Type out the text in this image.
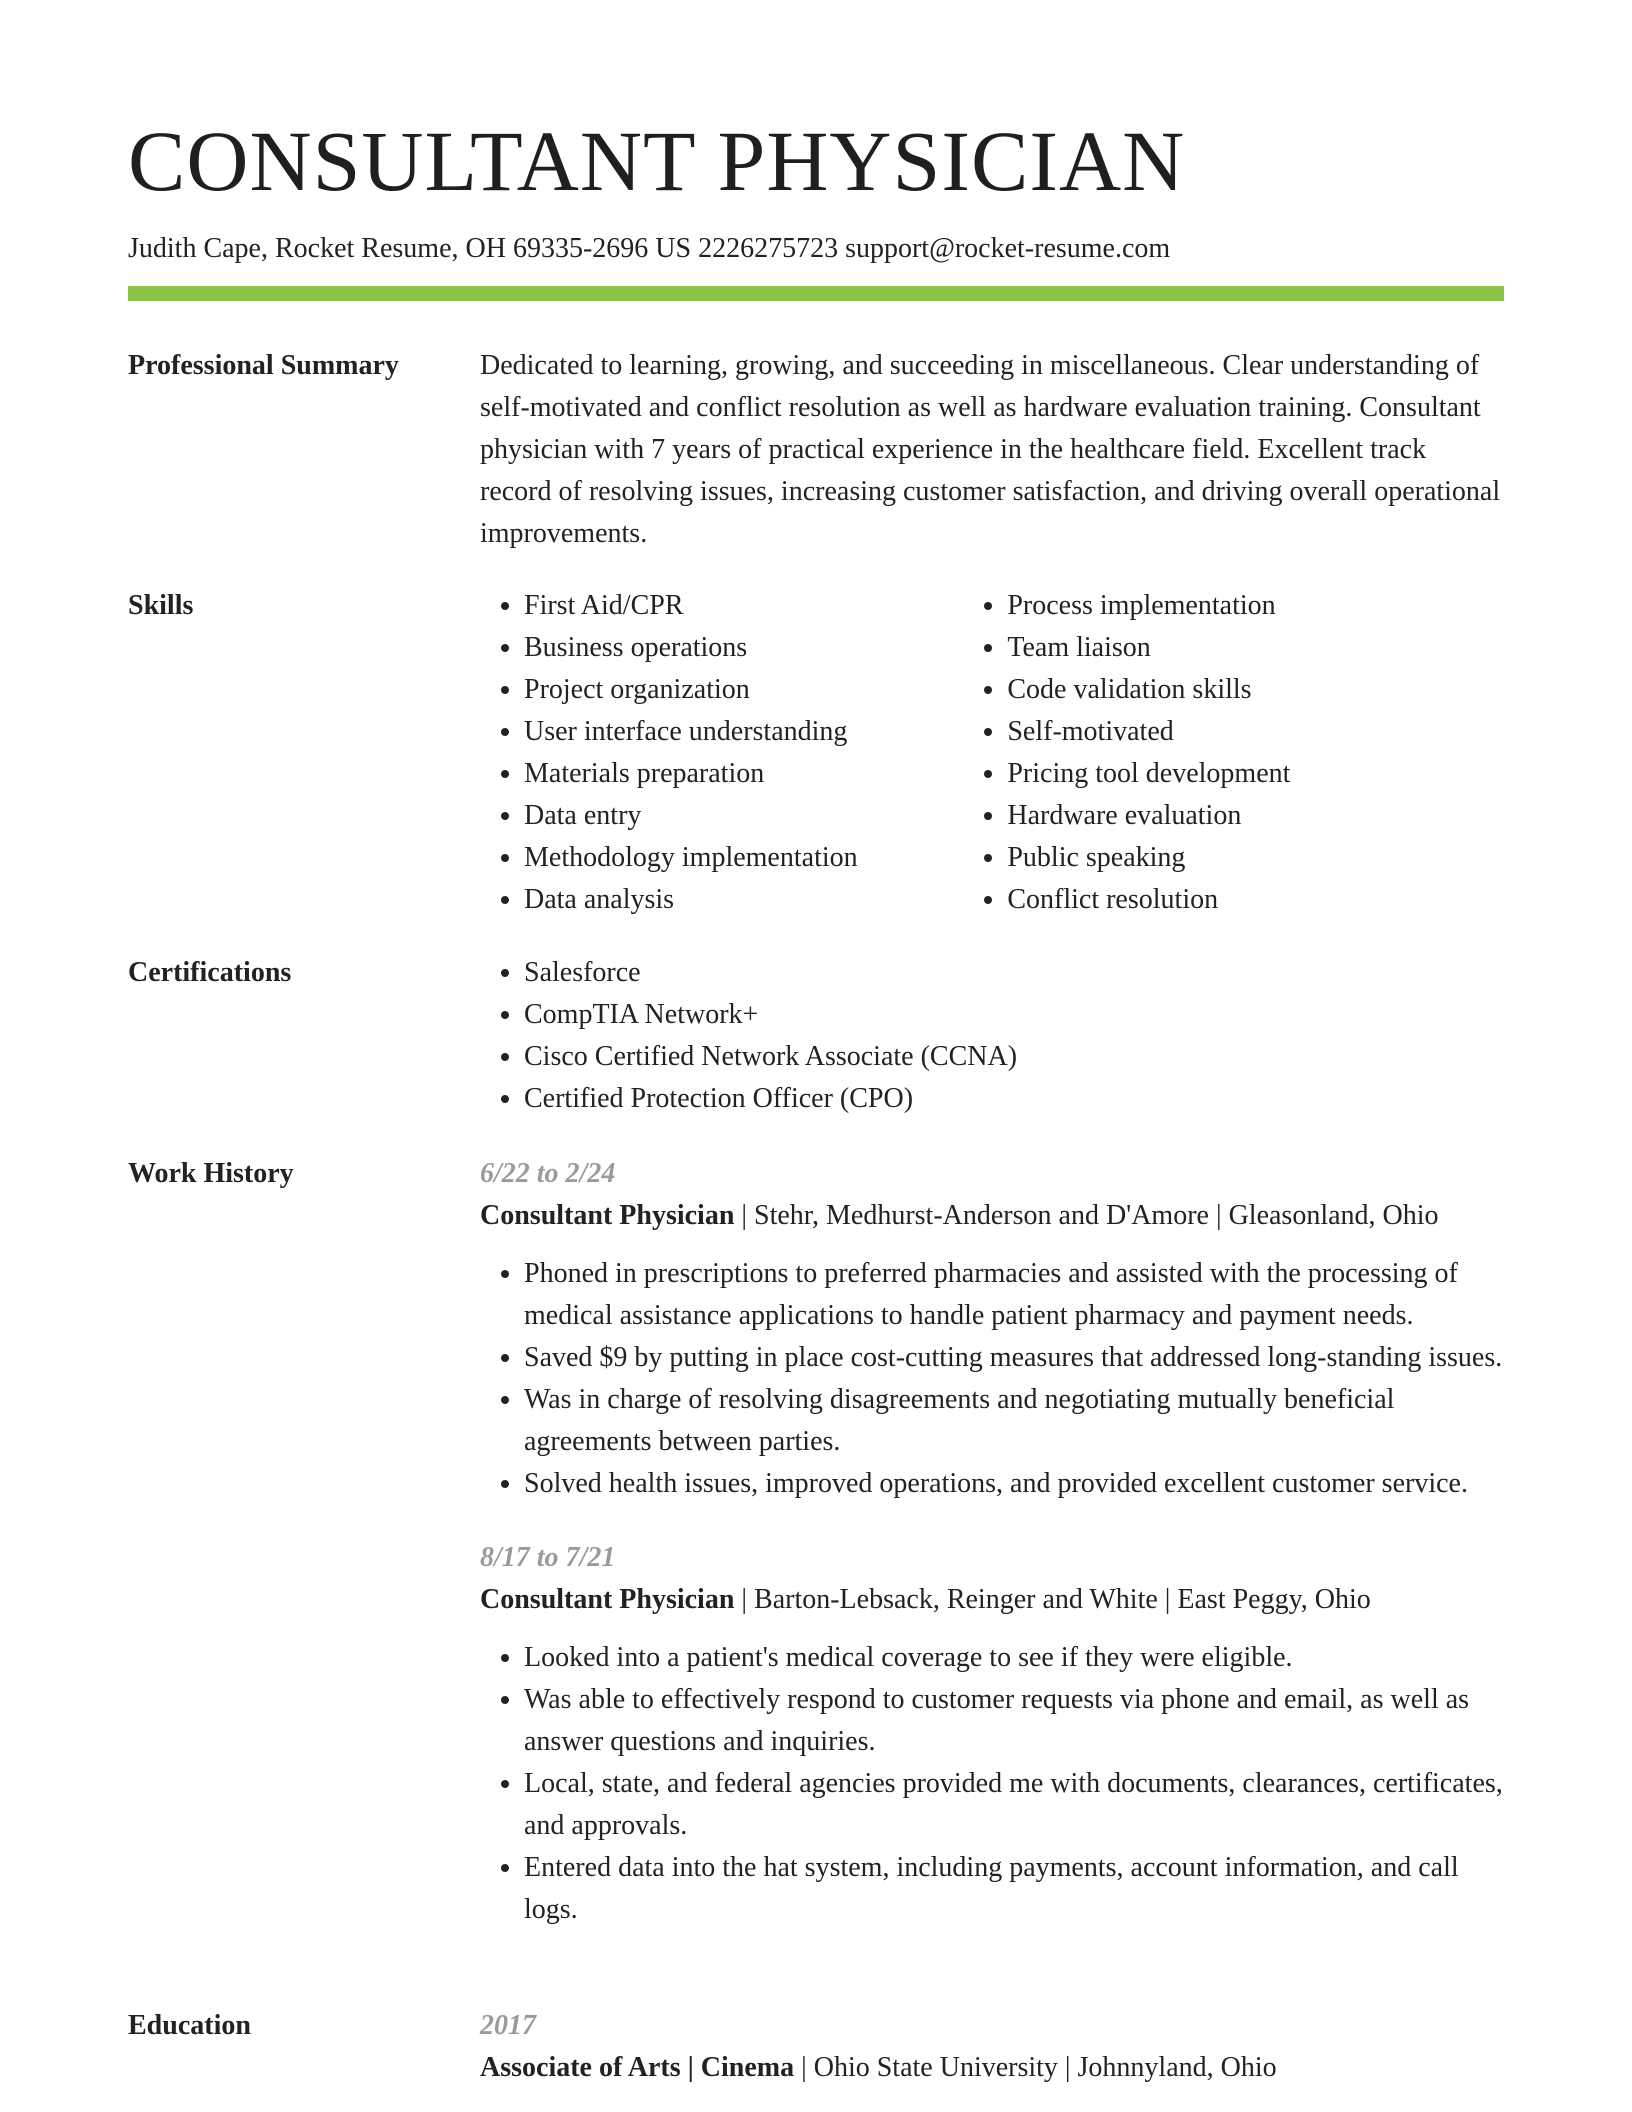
CONSULTANT PHYSICIAN
Judith Cape, Rocket Resume, OH 69335-2696 US 2226275723 support@rocket-resume.com
Professional Summary	Dedicated to learning, growing, and succeeding in miscellaneous. Clear understanding of self-motivated and conflict resolution as well as hardware evaluation training. Consultant physician with 7 years of practical experience in the healthcare field. Excellent track record of resolving issues, increasing customer satisfaction, and driving overall operational improvements.

Skills	• First Aid/CPR
• Business operations
• Project organization
• User interface understanding
• Materials preparation
• Data entry
• Methodology implementation
• Data analysis
• Process implementation
• Team liaison
• Code validation skills
• Self-motivated
• Pricing tool development
• Hardware evaluation
• Public speaking
• Conflict resolution
Certifications	• Salesforce
• CompTIA Network+
• Cisco Certified Network Associate (CCNA)
• Certified Protection Officer (CPO)
Work History	6/22 to 2/24
Consultant Physician | Stehr, Medhurst-Anderson and D'Amore | Gleasonland, Ohio
• Phoned in prescriptions to preferred pharmacies and assisted with the processing of medical assistance applications to handle patient pharmacy and payment needs.
• Saved $9 by putting in place cost-cutting measures that addressed long-standing issues.
• Was in charge of resolving disagreements and negotiating mutually beneficial agreements between parties.
• Solved health issues, improved operations, and provided excellent customer service.
8/17 to 7/21
Consultant Physician | Barton-Lebsack, Reinger and White | East Peggy, Ohio
• Looked into a patient's medical coverage to see if they were eligible.
• Was able to effectively respond to customer requests via phone and email, as well as answer questions and inquiries.
• Local, state, and federal agencies provided me with documents, clearances, certificates, and approvals.
• Entered data into the hat system, including payments, account information, and call logs.
Education	2017
Associate of Arts | Cinema | Ohio State University | Johnnyland, Ohio
